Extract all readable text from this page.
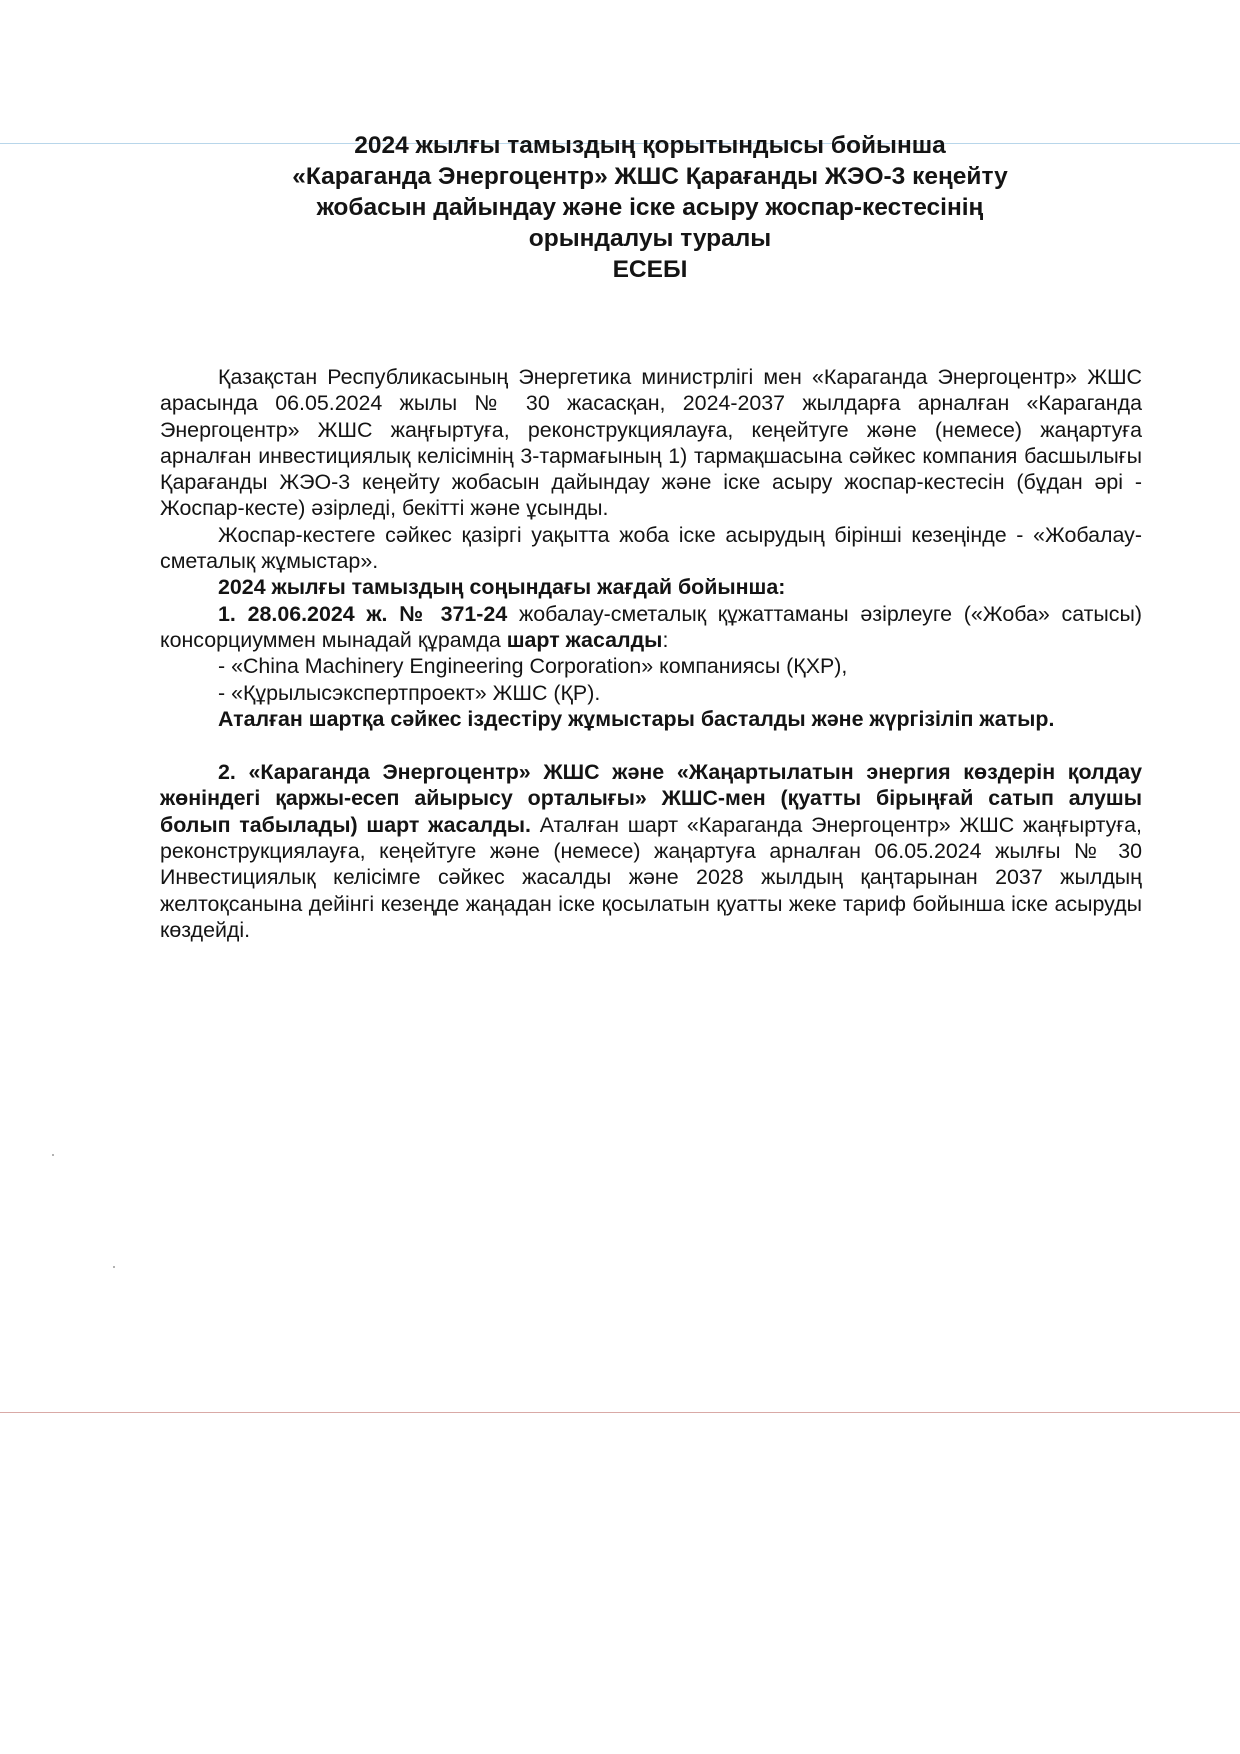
2024 жылғы тамыздың қорытындысы бойынша
«Караганда Энергоцентр» ЖШС Қарағанды ЖЭО-3 кеңейту
жобасын дайындау және іске асыру жоспар-кестесінің
орындалуы туралы
ЕСЕБІ

Қазақстан Республикасының Энергетика министрлігі мен «Караганда Энергоцентр» ЖШС арасында 06.05.2024 жылы № 30 жасасқан, 2024-2037 жылдарға арналған «Караганда Энергоцентр» ЖШС жаңғыртуға, реконструкциялауға, кеңейтуге және (немесе) жаңартуға арналған инвестициялық келісімнің 3-тармағының 1) тармақшасына сәйкес компания басшылығы Қарағанды ЖЭО-3 кеңейту жобасын дайындау және іске асыру жоспар-кестесін (бұдан әрі - Жоспар-кесте) әзірледі, бекітті және ұсынды.

Жоспар-кестеге сәйкес қазіргі уақытта жоба іске асырудың бірінші кезеңінде - «Жобалау-сметалық жұмыстар».

2024 жылғы тамыздың соңындағы жағдай бойынша:

1. 28.06.2024 ж. № 371-24 жобалау-сметалық құжаттаманы әзірлеуге («Жоба» сатысы) консорциуммен мынадай құрамда шарт жасалды:

- «China Machinery Engineering Corporation» компаниясы (ҚХР),

- «Құрылысэкспертпроект» ЖШС (ҚР).

Аталған шартқа сәйкес іздестіру жұмыстары басталды және жүргізіліп жатыр.

2. «Караганда Энергоцентр» ЖШС және «Жаңартылатын энергия көздерін қолдау жөніндегі қаржы-есеп айырысу орталығы» ЖШС-мен (қуатты бірыңғай сатып алушы болып табылады) шарт жасалды. Аталған шарт «Караганда Энергоцентр» ЖШС жаңғыртуға, реконструкциялауға, кеңейтуге және (немесе) жаңартуға арналған 06.05.2024 жылғы № 30 Инвестициялық келісімге сәйкес жасалды және 2028 жылдың қаңтарынан 2037 жылдың желтоқсанына дейінгі кезеңде жаңадан іске қосылатын қуатты жеке тариф бойынша іске асыруды көздейді.
